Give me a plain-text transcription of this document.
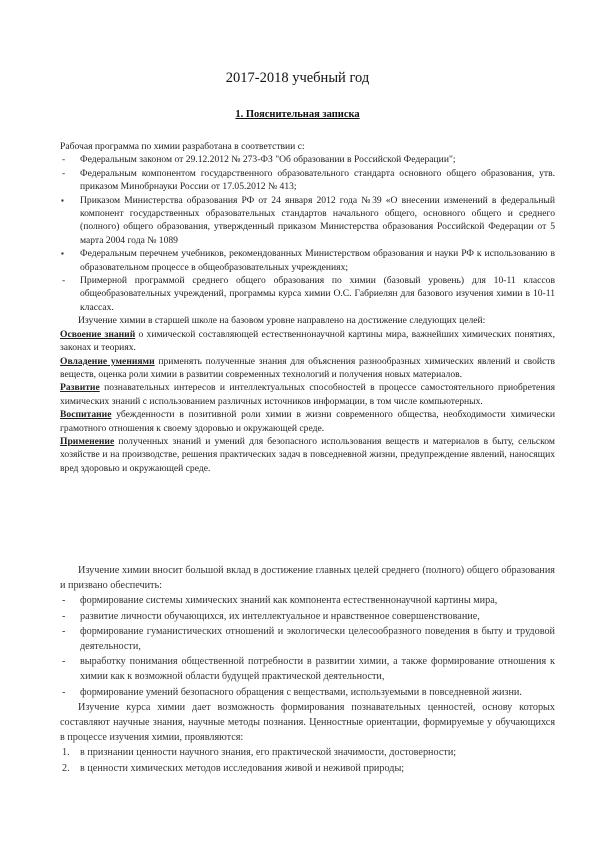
2017-2018 учебный год
1. Пояснительная записка
Рабочая программа по химии разработана в соответствии с:
- Федеральным законом от 29.12.2012 № 273-ФЗ "Об образовании в Российской Федерации";
- Федеральным компонентом государственного образовательного стандарта основного общего образования, утв. приказом Минобрнауки России от 17.05.2012 № 413;
▪ Приказом Министерства образования РФ от 24 января 2012 года №39 «О внесении изменений в федеральный компонент государственных образовательных стандартов начального общего, основного общего и среднего (полного) общего образования, утвержденный приказом Министерства образования Российской Федерации от 5 марта 2004 года № 1089
▪ Федеральным перечнем учебников, рекомендованных Министерством образования и науки РФ к использованию в образовательном процессе в общеобразовательных учреждениях;
- Примерной программой среднего общего образования по химии (базовый уровень) для 10-11 классов общеобразовательных учреждений, программы курса химии О.С. Габриелян для базового изучения химии в 10-11 классах.
Изучение химии в старшей школе на базовом уровне направлено на достижение следующих целей:
Освоение знаний о химической составляющей естественнонаучной картины мира, важнейших химических понятиях, законах и теориях.
Овладение умениями применять полученные знания для объяснения разнообразных химических явлений и свойств веществ, оценка роли химии в развитии современных технологий и получения новых материалов.
Развитие познавательных интересов и интеллектуальных способностей в процессе самостоятельного приобретения химических знаний с использованием различных источников информации, в том числе компьютерных.
Воспитание убежденности в позитивной роли химии в жизни современного общества, необходимости химически грамотного отношения к своему здоровью и окружающей среде.
Применение полученных знаний и умений для безопасного использования веществ и материалов в быту, сельском хозяйстве и на производстве, решения практических задач в повседневной жизни, предупреждение явлений, наносящих вред здоровью и окружающей среде.
Изучение химии вносит большой вклад в достижение главных целей среднего (полного) общего образования и призвано обеспечить:
- формирование системы химических знаний как компонента естественнонаучной картины мира,
- развитие личности обучающихся, их интеллектуальное и нравственное совершенствование,
- формирование гуманистических отношений и экологически целесообразного поведения в быту и трудовой деятельности,
- выработку понимания общественной потребности в развитии химии, а также формирование отношения к химии как к возможной области будущей практической деятельности,
- формирование умений безопасного обращения с веществами, используемыми в повседневной жизни.
Изучение курса химии дает возможность формирования познавательных ценностей, основу которых составляют научные знания, научные методы познания. Ценностные ориентации, формируемые у обучающихся в процессе изучения химии, проявляются:
1. в признании ценности научного знания, его практической значимости, достоверности;
2. в ценности химических методов исследования живой и неживой природы;
